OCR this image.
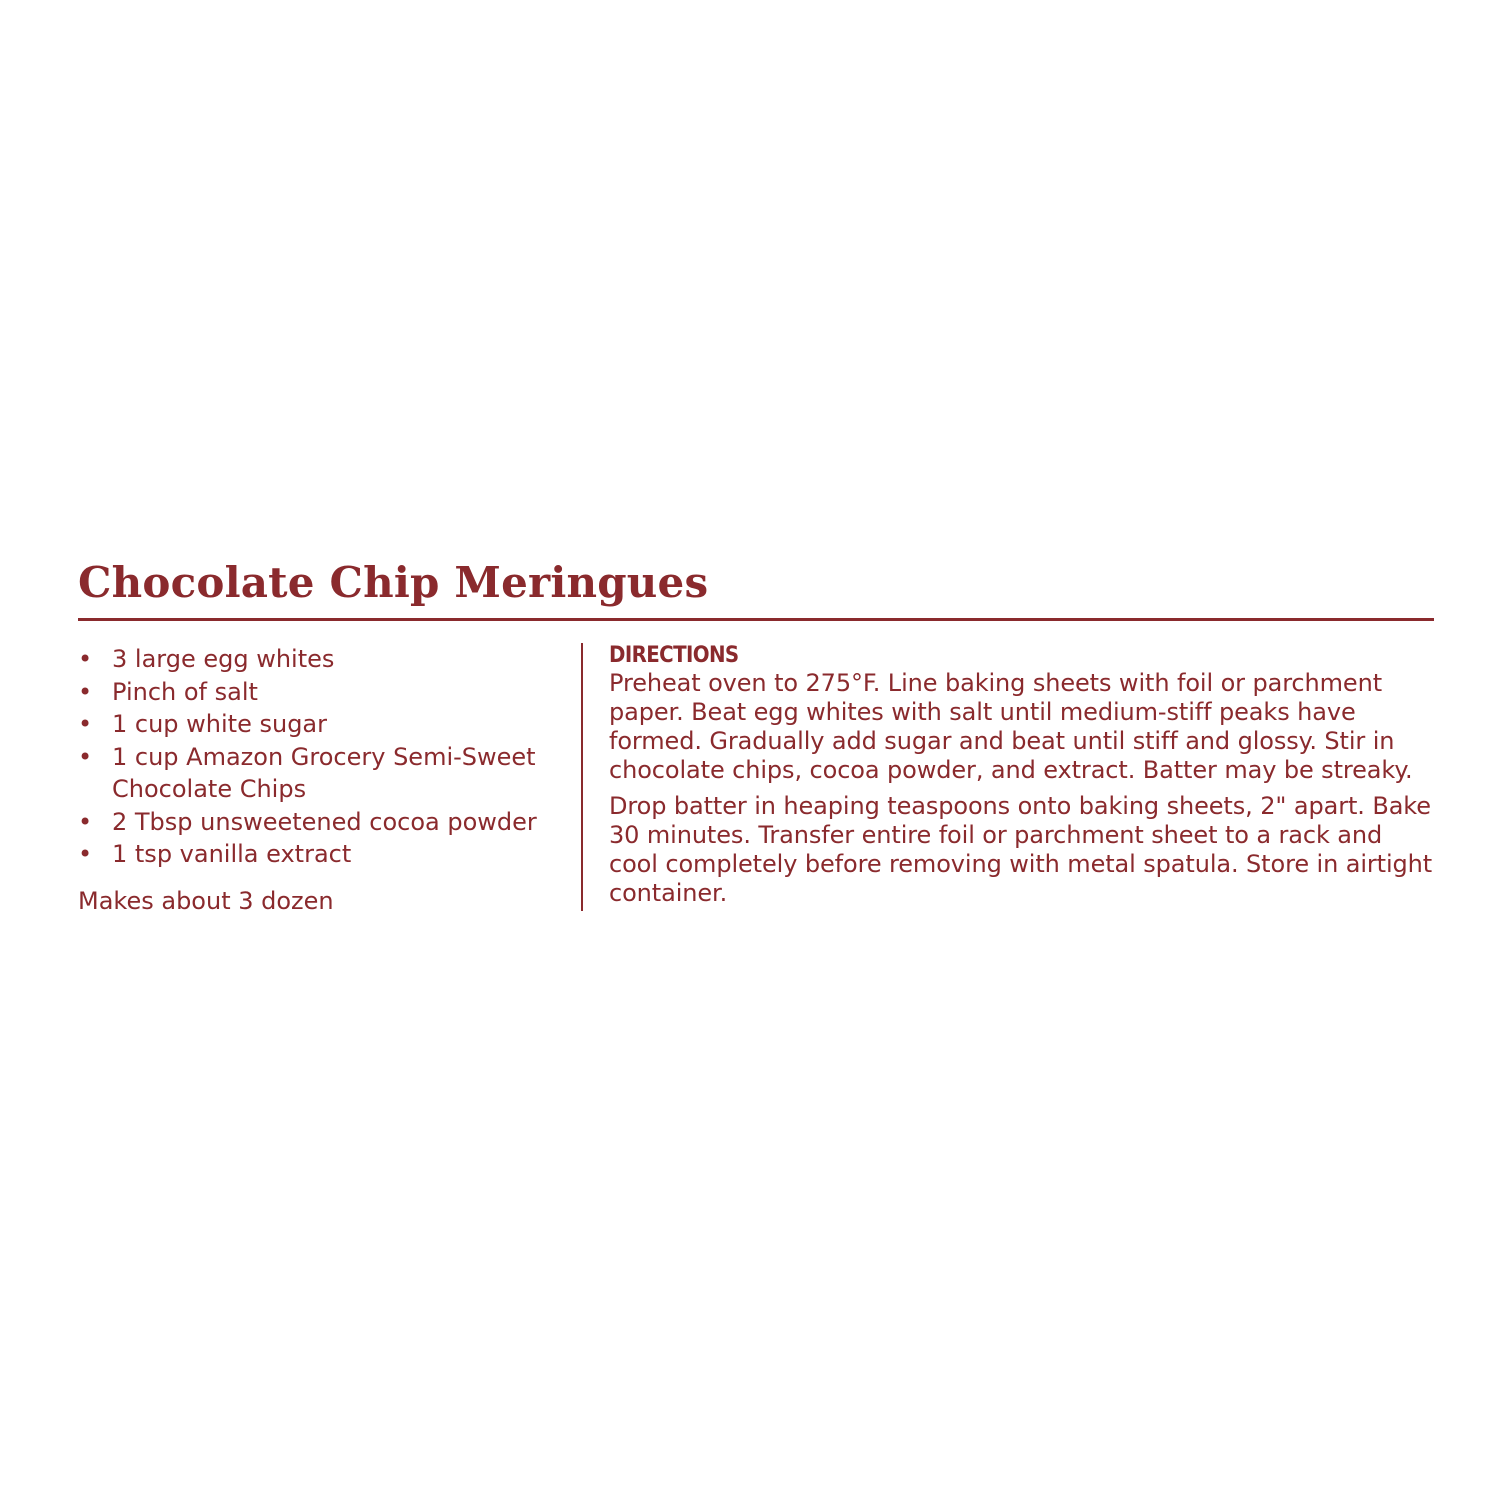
Chocolate Chip Meringues
• 3 large egg whites
• Pinch of salt
• 1 cup white sugar
• 1 cup Amazon Grocery Semi-Sweet Chocolate Chips
• 2 Tbsp unsweetened cocoa powder
• 1 tsp vanilla extract
Makes about 3 dozen
DIRECTIONS

Preheat oven to 275°F. Line baking sheets with foil or parchment paper. Beat egg whites with salt until medium-stiff peaks have formed. Gradually add sugar and beat until stiff and glossy. Stir in chocolate chips, cocoa powder, and extract. Batter may be streaky.

Drop batter in heaping teaspoons onto baking sheets, 2" apart. Bake 30 minutes. Transfer entire foil or parchment sheet to a rack and cool completely before removing with metal spatula. Store in airtight container.
